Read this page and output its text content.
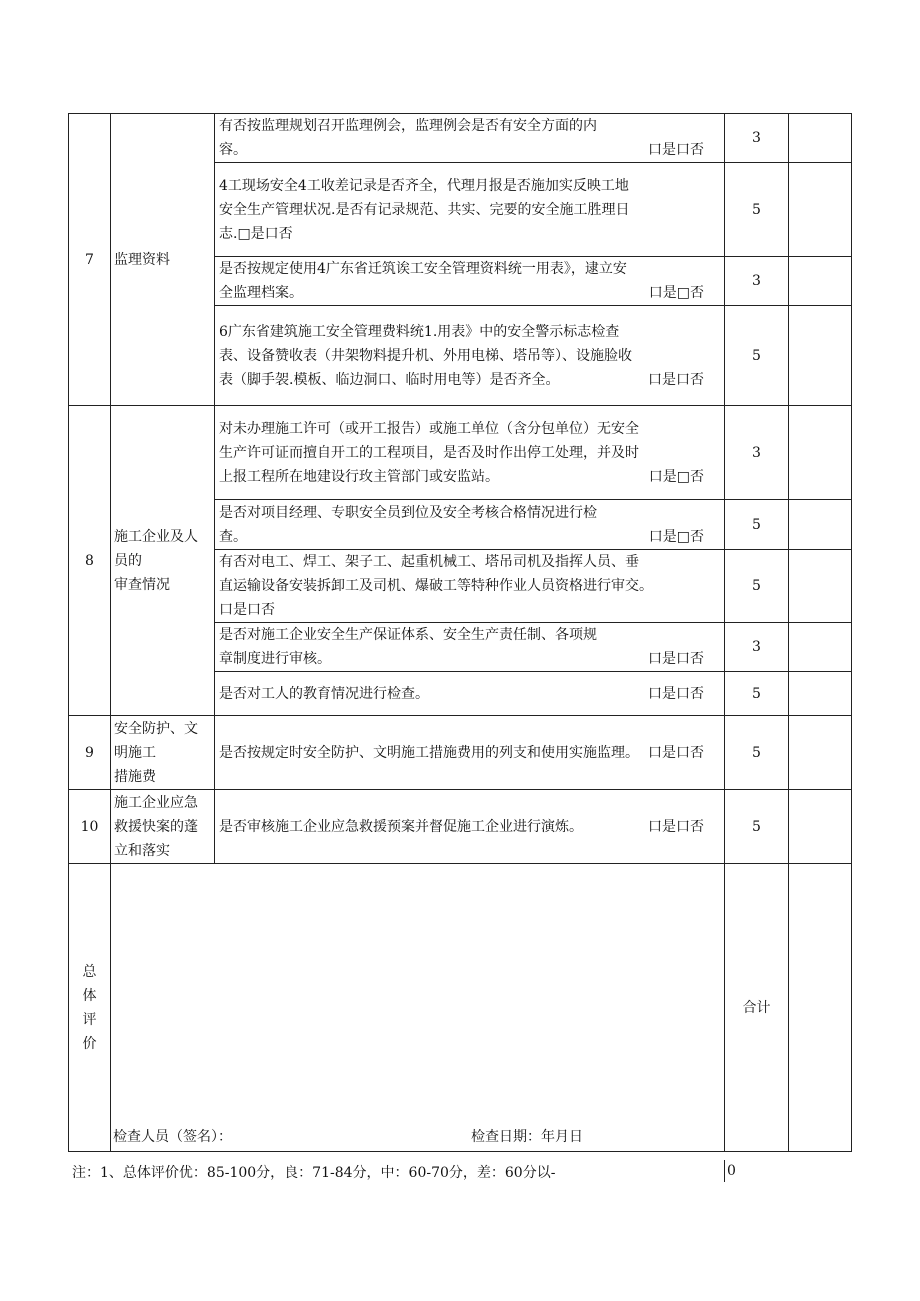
7	监理资料	有否按监理规划召开监理例会，监理例会是否有安全方面的内
容。 口是口否	3	

		4工现场安全4工收差记录是否齐全，代理月报是否施加实反映工地
安全生产管理状况.是否有记录规范、共实、完要的安全施工胜理日
志.□是口否	5	

		是否按规定使用4广东省迁筑诶工安全管理资料统一用表》，逮立安
全监理档案。 口是□否	3	

		6广东省建筑施工安全管理费料统1.用表》中的安全警示标志检查
表、设备赞收表（井架物料提升机、外用电梯、塔吊等）、设施脸收
表（脚手袈.模板、临边洞口、临时用电等）是否齐全。 口是口否	5	
8	施工企业及人
员的
审查情况	对未办理施工许可（或开工报告）或施工单位（含分包单位）无安全
生产许可证而擅自开工的工程项目，是否及时作出停工处理，并及时
上报工程所在地建设行玫主管部门或安监站。 口是□否	3	

		是否对项目经理、专职安全员到位及安全考核合格情况进行检
查。 口是□否	5	

		有否对电工、焊工、架子工、起重机械工、塔吊司机及指挥人员、垂
直运输设备安装拆卸工及司机、爆破工等特种作业人员资格进行审交。
口是口否	5	

		是否对施工企业安全生产保证体系、安全生产责任制、各项规
章制度进行审核。 口是口否	3	

		是否对工人的教育情况进行检查。 口是口否	5	
9	安全防护、文
明施工
措施费	是否按规定时安全防护、文明施工措施费用的列支和使用实施监理。 口是口否	5	
10	施工企业应急
救援快案的蓬
立和落实	是否审核施工企业应急救援预案并督促施工企业进行演炼。 口是口否	5	

总
体
评
价	检查人员（签名）： 检查日期：年月日		合计	
注：1、总体评价优：85-100分，良：71-84分，中：60-70分，差：60分以-	0
